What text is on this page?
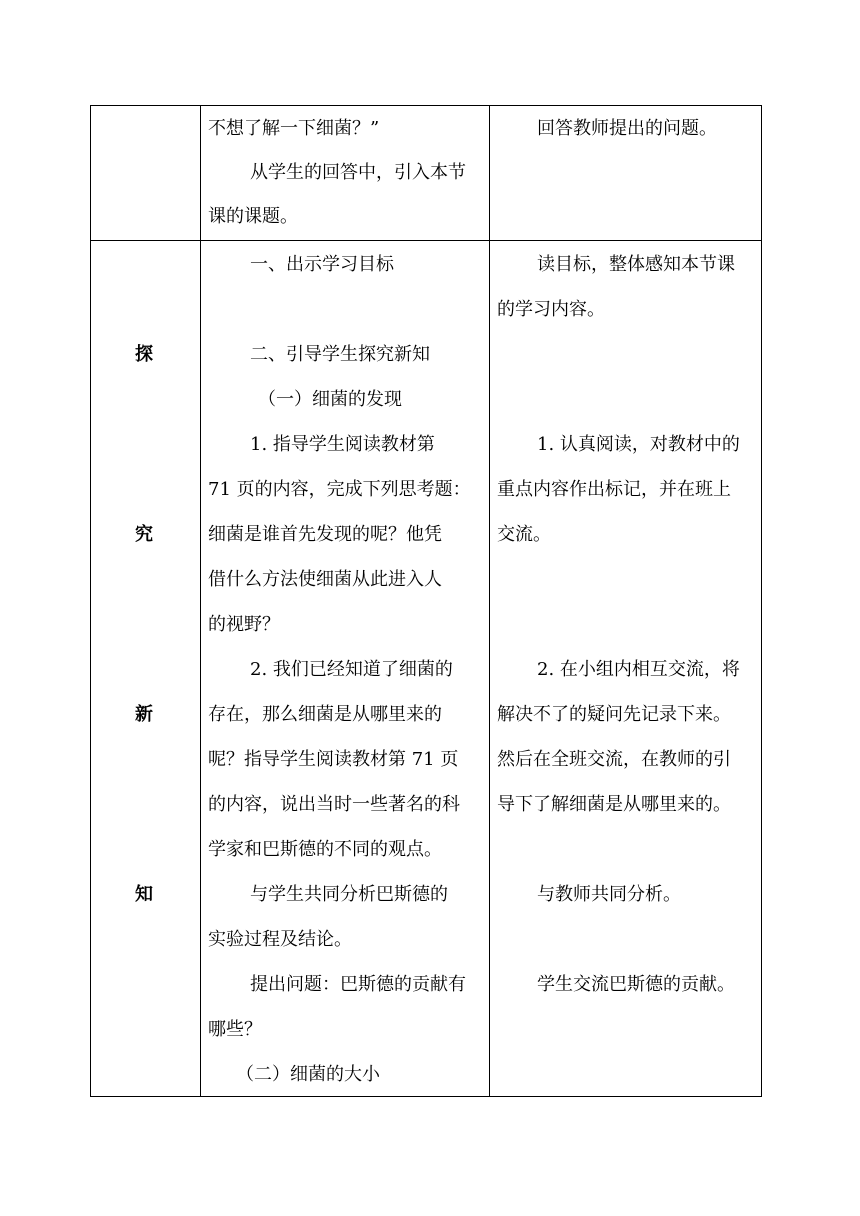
不想了解一下细菌？”
从学生的回答中，引入本节
课的课题。
回答教师提出的问题。
探
究
新
知
一、出示学习目标
二、引导学生探究新知
（一）细菌的发现
1. 指导学生阅读教材第
71 页的内容，完成下列思考题：
细菌是谁首先发现的呢？他凭
借什么方法使细菌从此进入人
的视野？
2. 我们已经知道了细菌的
存在，那么细菌是从哪里来的
呢？指导学生阅读教材第 71 页
的内容，说出当时一些著名的科
学家和巴斯德的不同的观点。
与学生共同分析巴斯德的
实验过程及结论。
提出问题：巴斯德的贡献有
哪些？
（二）细菌的大小
读目标，整体感知本节课
的学习内容。
1. 认真阅读，对教材中的
重点内容作出标记，并在班上
交流。
2. 在小组内相互交流，将
解决不了的疑问先记录下来。
然后在全班交流，在教师的引
导下了解细菌是从哪里来的。
与教师共同分析。
学生交流巴斯德的贡献。
